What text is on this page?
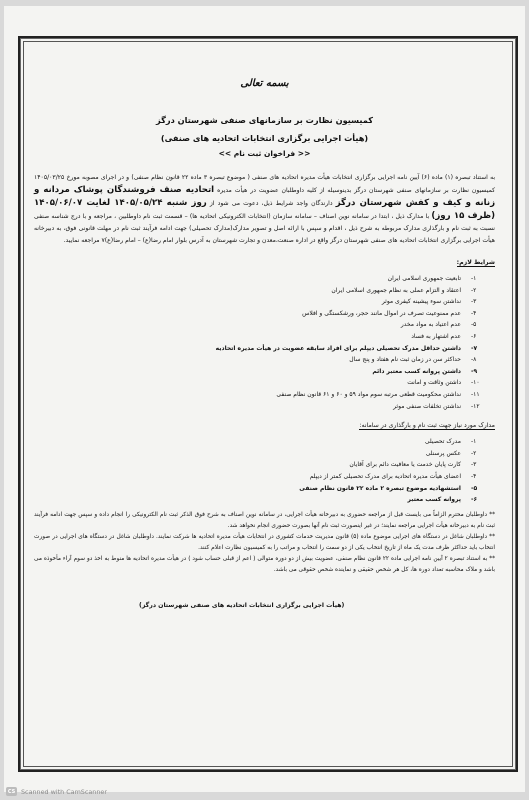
بسمه تعالی
کمیسیون نظارت بر سازمانهای صنفی شهرستان درگز
(هیأت اجرایی برگزاری انتخابات اتحادیه های صنفی)
<< فراخوان ثبت نام >>
به استناد تبصره (۱) ماده (۶) آیین نامه اجرایی برگزاری انتخابات هیأت مدیره اتحادیه های صنفی ( موضوع تبصره ۳ ماده ۲۲ قانون نظام صنفی) و در اجرای مصوبه مورخ ۱۴۰۵/۰۳/۲۵ کمیسیون نظارت بر سازمانهای صنفی شهرستان درگز بدینوسیله از کلیه داوطلبان عضویت در هیأت مدیره اتحادیه صنف فروشندگان پوشاک مردانه و زنانه و کیف و کفش شهرستان درگز دارندگان واجد شرایط ذیل، دعوت می شود از روز شنبه ۱۴۰۵/۰۵/۲۴ لغایت ۱۴۰۵/۰۶/۰۷ (ظرف ۱۵ روز) با مدارک ذیل ، ابتدا در سامانه نوین اصناف – سامانه سازمان (انتخابات الکترونیکی اتحادیه ها) – قسمت ثبت نام داوطلبین ، مراجعه و با درج شناسه صنفی نسبت به ثبت نام و بارگذاری مدارک مربوطه به شرح ذیل ، اقدام و سپس با ارائه اصل و تصویر مدارک(مدارک تحصیلی) جهت ادامه فرآیند ثبت نام در مهلت قانونی فوق، به دبیرخانه هیأت اجرایی برگزاری انتخابات اتحادیه های صنفی شهرستان درگز واقع در اداره صنعت،معدن و تجارت شهرستان به آدرس بلوار امام رضا(ع) – امام رضا(ع)۷ مراجعه نمایید.
شرایط لازم:
۱-
تابعیت جمهوری اسلامی ایران
۲-
اعتقاد و التزام عملی به نظام جمهوری اسلامی ایران
۳-
نداشتن سوء پیشینه کیفری موثر
۴-
عدم ممنوعیت تصرف در اموال مانند حجر، ورشکستگی و افلاس
۵-
عدم اعتیاد به مواد مخدر
۶-
عدم اشتهار به فساد
۷-
داشتن حداقل مدرک تحصیلی دیپلم برای افراد سابقه عضویت در هیأت مدیره اتحادیه
۸-
حداکثر سن در زمان ثبت نام هفتاد و پنج سال
۹-
داشتن پروانه کسب معتبر دائم
۱۰-
داشتن وثاقت و امانت
۱۱-
نداشتن محکومیت قطعی مرتبه سوم مواد ۵۹ و ۶۰ و ۶۱ قانون نظام صنفی
۱۲-
نداشتن تخلفات صنفی موثر
مدارک مورد نیاز جهت ثبت نام و بارگذاری در سامانه:
۱-
مدرک تحصیلی
۲-
عکس پرسنلی
۳-
کارت پایان خدمت یا معافیت دائم برای آقایان
۴-
اعضای هیأت مدیره اتحادیه برای مدرک تحصیلی کمتر از دیپلم
۵-
استشهادیه موضوع تبصره ۲ ماده ۲۲ قانون نظام صنفی
۶-
پروانه کسب معتبر
** داوطلبان محترم الزاماً می بایست قبل از مراجعه حضوری به دبیرخانه هیأت اجرایی، در سامانه نوین اصناف به شرح فوق الذکر ثبت نام الکترونیکی را انجام داده و سپس جهت ادامه فرآیند ثبت نام به دبیرخانه هیأت اجرایی مراجعه نمایند؛ در غیر اینصورت ثبت نام آنها بصورت حضوری انجام نخواهد شد.
** داوطلبان شاغل در دستگاه های اجرایی موضوع ماده (۵) قانون مدیریت خدمات کشوری در انتخابات هیأت مدیره اتحادیه ها شرکت نمایند. داوطلبان شاغل در دستگاه های اجرایی در صورت انتخاب باید حداکثر ظرف مدت یک ماه از تاریخ انتخاب یکی از دو سمت را انتخاب و مراتب را به کمیسیون نظارت اعلام کنند.
** به استناد تبصره ۲ آیین نامه اجرایی ماده ۲۲ قانون نظام صنفی، عضویت بیش از دو دوره متوالی ( اعم از قبلی حساب شود ) در هیأت مدیره اتحادیه ها منوط به اخذ دو سوم آراء مأخوذه می باشد و ملاک محاسبه تعداد دوره ها، کل هر شخص حقیقی و نماینده شخص حقوقی می باشد.
(هیأت اجرایی برگزاری انتخابات اتحادیه های صنفی شهرستان درگز)
CS Scanned with CamScanner
